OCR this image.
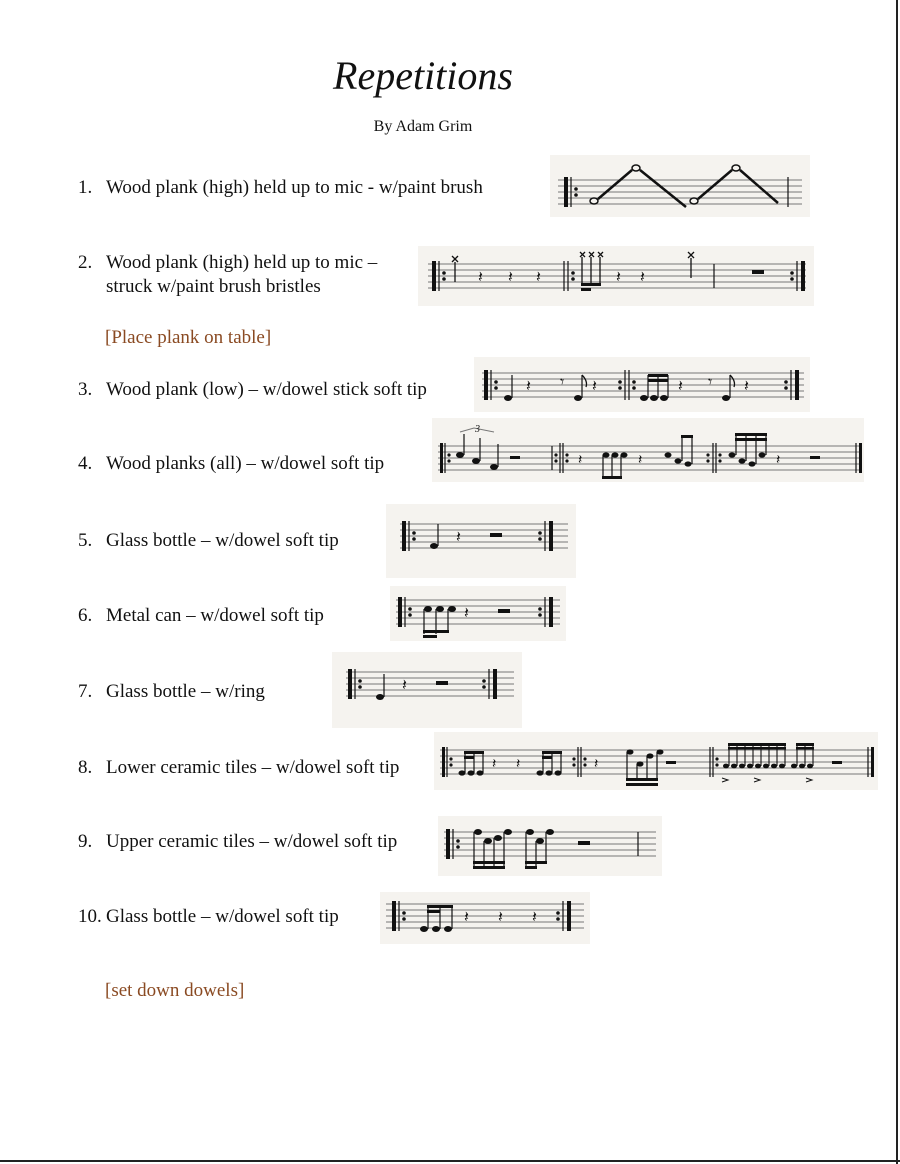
Repetitions
By Adam Grim
1. Wood plank (high) held up to mic - w/paint brush
2. Wood plank (high) held up to mic –
struck w/paint brush bristles	𝄽 𝄽 𝄽	𝄽 𝄽
[Place plank on table]
3. Wood plank (low) – w/dowel stick soft tip	𝄽 𝄾 𝄽	𝄽 𝄾 𝄽
4. Wood planks (all) – w/dowel soft tip
3
𝄽	𝄽	𝄽
5. Glass bottle – w/dowel soft tip	𝄽
6. Metal can – w/dowel soft tip	𝄽
7. Glass bottle – w/ring	𝄽
8. Lower ceramic tiles – w/dowel soft tip	𝄽 𝄽	𝄽
9. Upper ceramic tiles – w/dowel soft tip
10. Glass bottle – w/dowel soft tip	𝄽 𝄽 𝄽
[set down dowels]
